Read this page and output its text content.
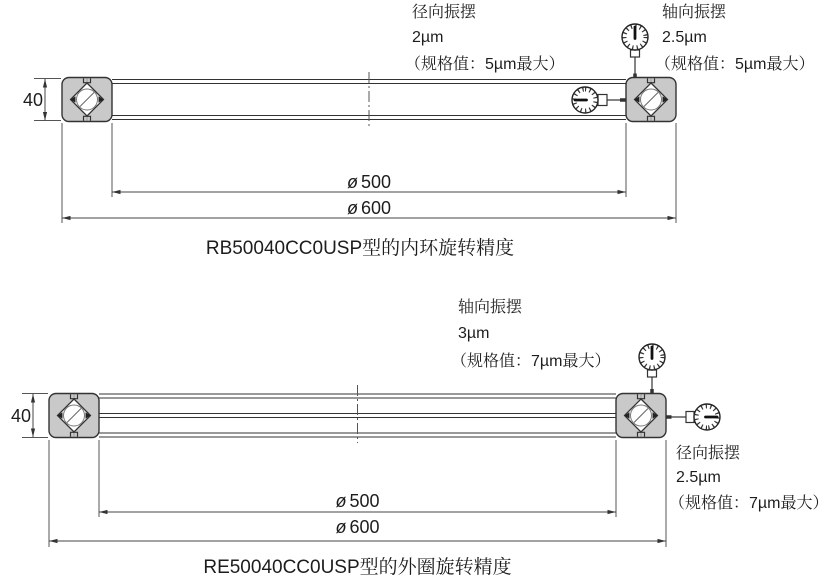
40
ø 500
ø 600
径向振摆
2µm
（规格值：5µm最大）
轴向振摆
2.5µm
（规格值：5µm最大）
RB50040CC0USP型的内环旋转精度
40
ø 500
ø 600
轴向振摆
3µm
（规格值：7µm最大）
径向振摆
2.5µm
（规格值：7µm最大）
RE50040CC0USP型的外圈旋转精度
